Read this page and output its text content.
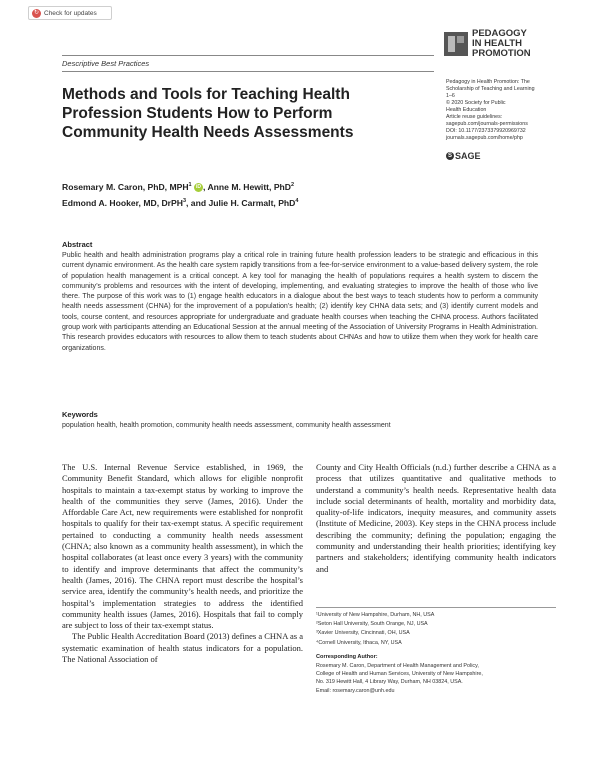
↻ Check for updates
PEDAGOGY
IN HEALTH
PROMOTION
Descriptive Best Practices
Methods and Tools for Teaching Health Profession Students How to Perform Community Health Needs Assessments
Pedagogy in Health Promotion: The
Scholarship of Teaching and Learning
1–6
© 2020 Society for Public
Health Education
Article reuse guidelines:
sagepub.com/journals-permissions
DOI: 10.1177/2373379920969732
journals.sagepub.com/home/php
S SAGE
Rosemary M. Caron, PhD, MPH$^1$ iD , Anne M. Hewitt, PhD$^2$
Edmond A. Hooker, MD, DrPH$^3$, and Julie H. Carmalt, PhD$^4$
Abstract

Public health and health administration programs play a critical role in training future health profession leaders to be strategic and efficacious in this current dynamic environment. As the health care system rapidly transitions from a fee-for-service environment to a value-based delivery system, the role of population health management is a critical concept. A key tool for managing the health of populations requires a health system to discern the community’s problems and resources with the intent of developing, implementing, and evaluating strategies to improve the health of those who live there. The purpose of this work was to (1) engage health educators in a dialogue about the best ways to teach students how to perform a community health needs assessment (CHNA) for the improvement of a population’s health; (2) identify key CHNA data sets; and (3) identify current models and tools, course content, and resources appropriate for undergraduate and graduate health courses when teaching the CHNA process. Authors facilitated group work with participants attending an Educational Session at the annual meeting of the Association of University Programs in Health Administration. This research provides educators with resources to allow them to teach students about CHNAs and how to utilize them when they work for health care organizations.

Keywords

population health, health promotion, community health needs assessment, community health assessment

The U.S. Internal Revenue Service established, in 1969, the Community Benefit Standard, which allows for eligible nonprofit hospitals to maintain a tax-exempt status by working to improve the health of the communities they serve (James, 2016). Under the Affordable Care Act, new requirements were established for nonprofit hospitals to qualify for their tax-exempt status. A specific requirement pertained to conducting a community health needs assessment (CHNA; also known as a community health assessment), in which the hospital collaborates (at least once every 3 years) with the community to identify and improve determinants that affect the community’s health (James, 2016). The CHNA report must describe the hospital’s service area, identify the community’s health needs, and prioritize the hospital’s implementation strategies to address the identified community health issues (James, 2016). Hospitals that fail to comply are subject to loss of their tax-exempt status.

The Public Health Accreditation Board (2013) defines a CHNA as a systematic examination of health status indicators for a population. The National Association of

County and City Health Officials (n.d.) further describe a CHNA as a process that utilizes quantitative and qualitative methods to understand a community’s health needs. Representative health data include social determinants of health, mortality and morbidity data, quality-of-life indicators, inequity measures, and community assets (Institute of Medicine, 2003). Key steps in the CHNA process include describing the community; defining the population; engaging the community and understanding their health priorities; identifying key partners and stakeholders; identifying community health indicators and

¹University of New Hampshire, Durham, NH, USA
²Seton Hall University, South Orange, NJ, USA
³Xavier University, Cincinnati, OH, USA
⁴Cornell University, Ithaca, NY, USA
Corresponding Author:
Rosemary M. Caron, Department of Health Management and Policy,
College of Health and Human Services, University of New Hampshire,
No. 319 Hewitt Hall, 4 Library Way, Durham, NH 03824, USA.
Email: rosemary.caron@unh.edu
